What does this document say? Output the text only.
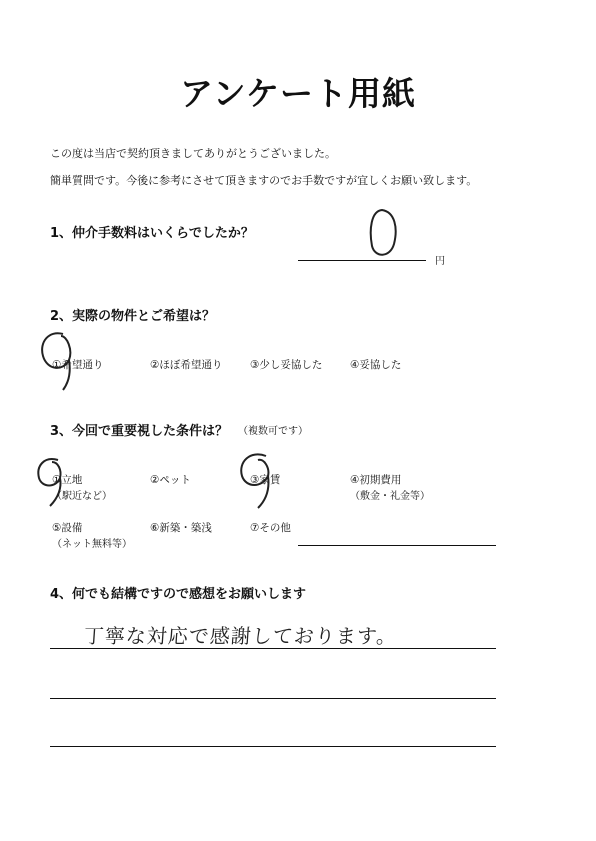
アンケート用紙
この度は当店で契約頂きましてありがとうございました。
簡単質問です。今後に参考にさせて頂きますのでお手数ですが宜しくお願い致します。
1、仲介手数料はいくらでしたか？
円
2、実際の物件とご希望は？
①希望通り	②ほぼ希望通り	③少し妥協した	④妥協した
3、今回で重要視した条件は？ （複数可です）
①立地
（駅近など）
②ペット	③家賃	④初期費用
（敷金・礼金等）
⑤設備
（ネット無料等）
⑥新築・築浅	⑦その他
4、何でも結構ですので感想をお願いします
丁寧な対応で感謝しております。
